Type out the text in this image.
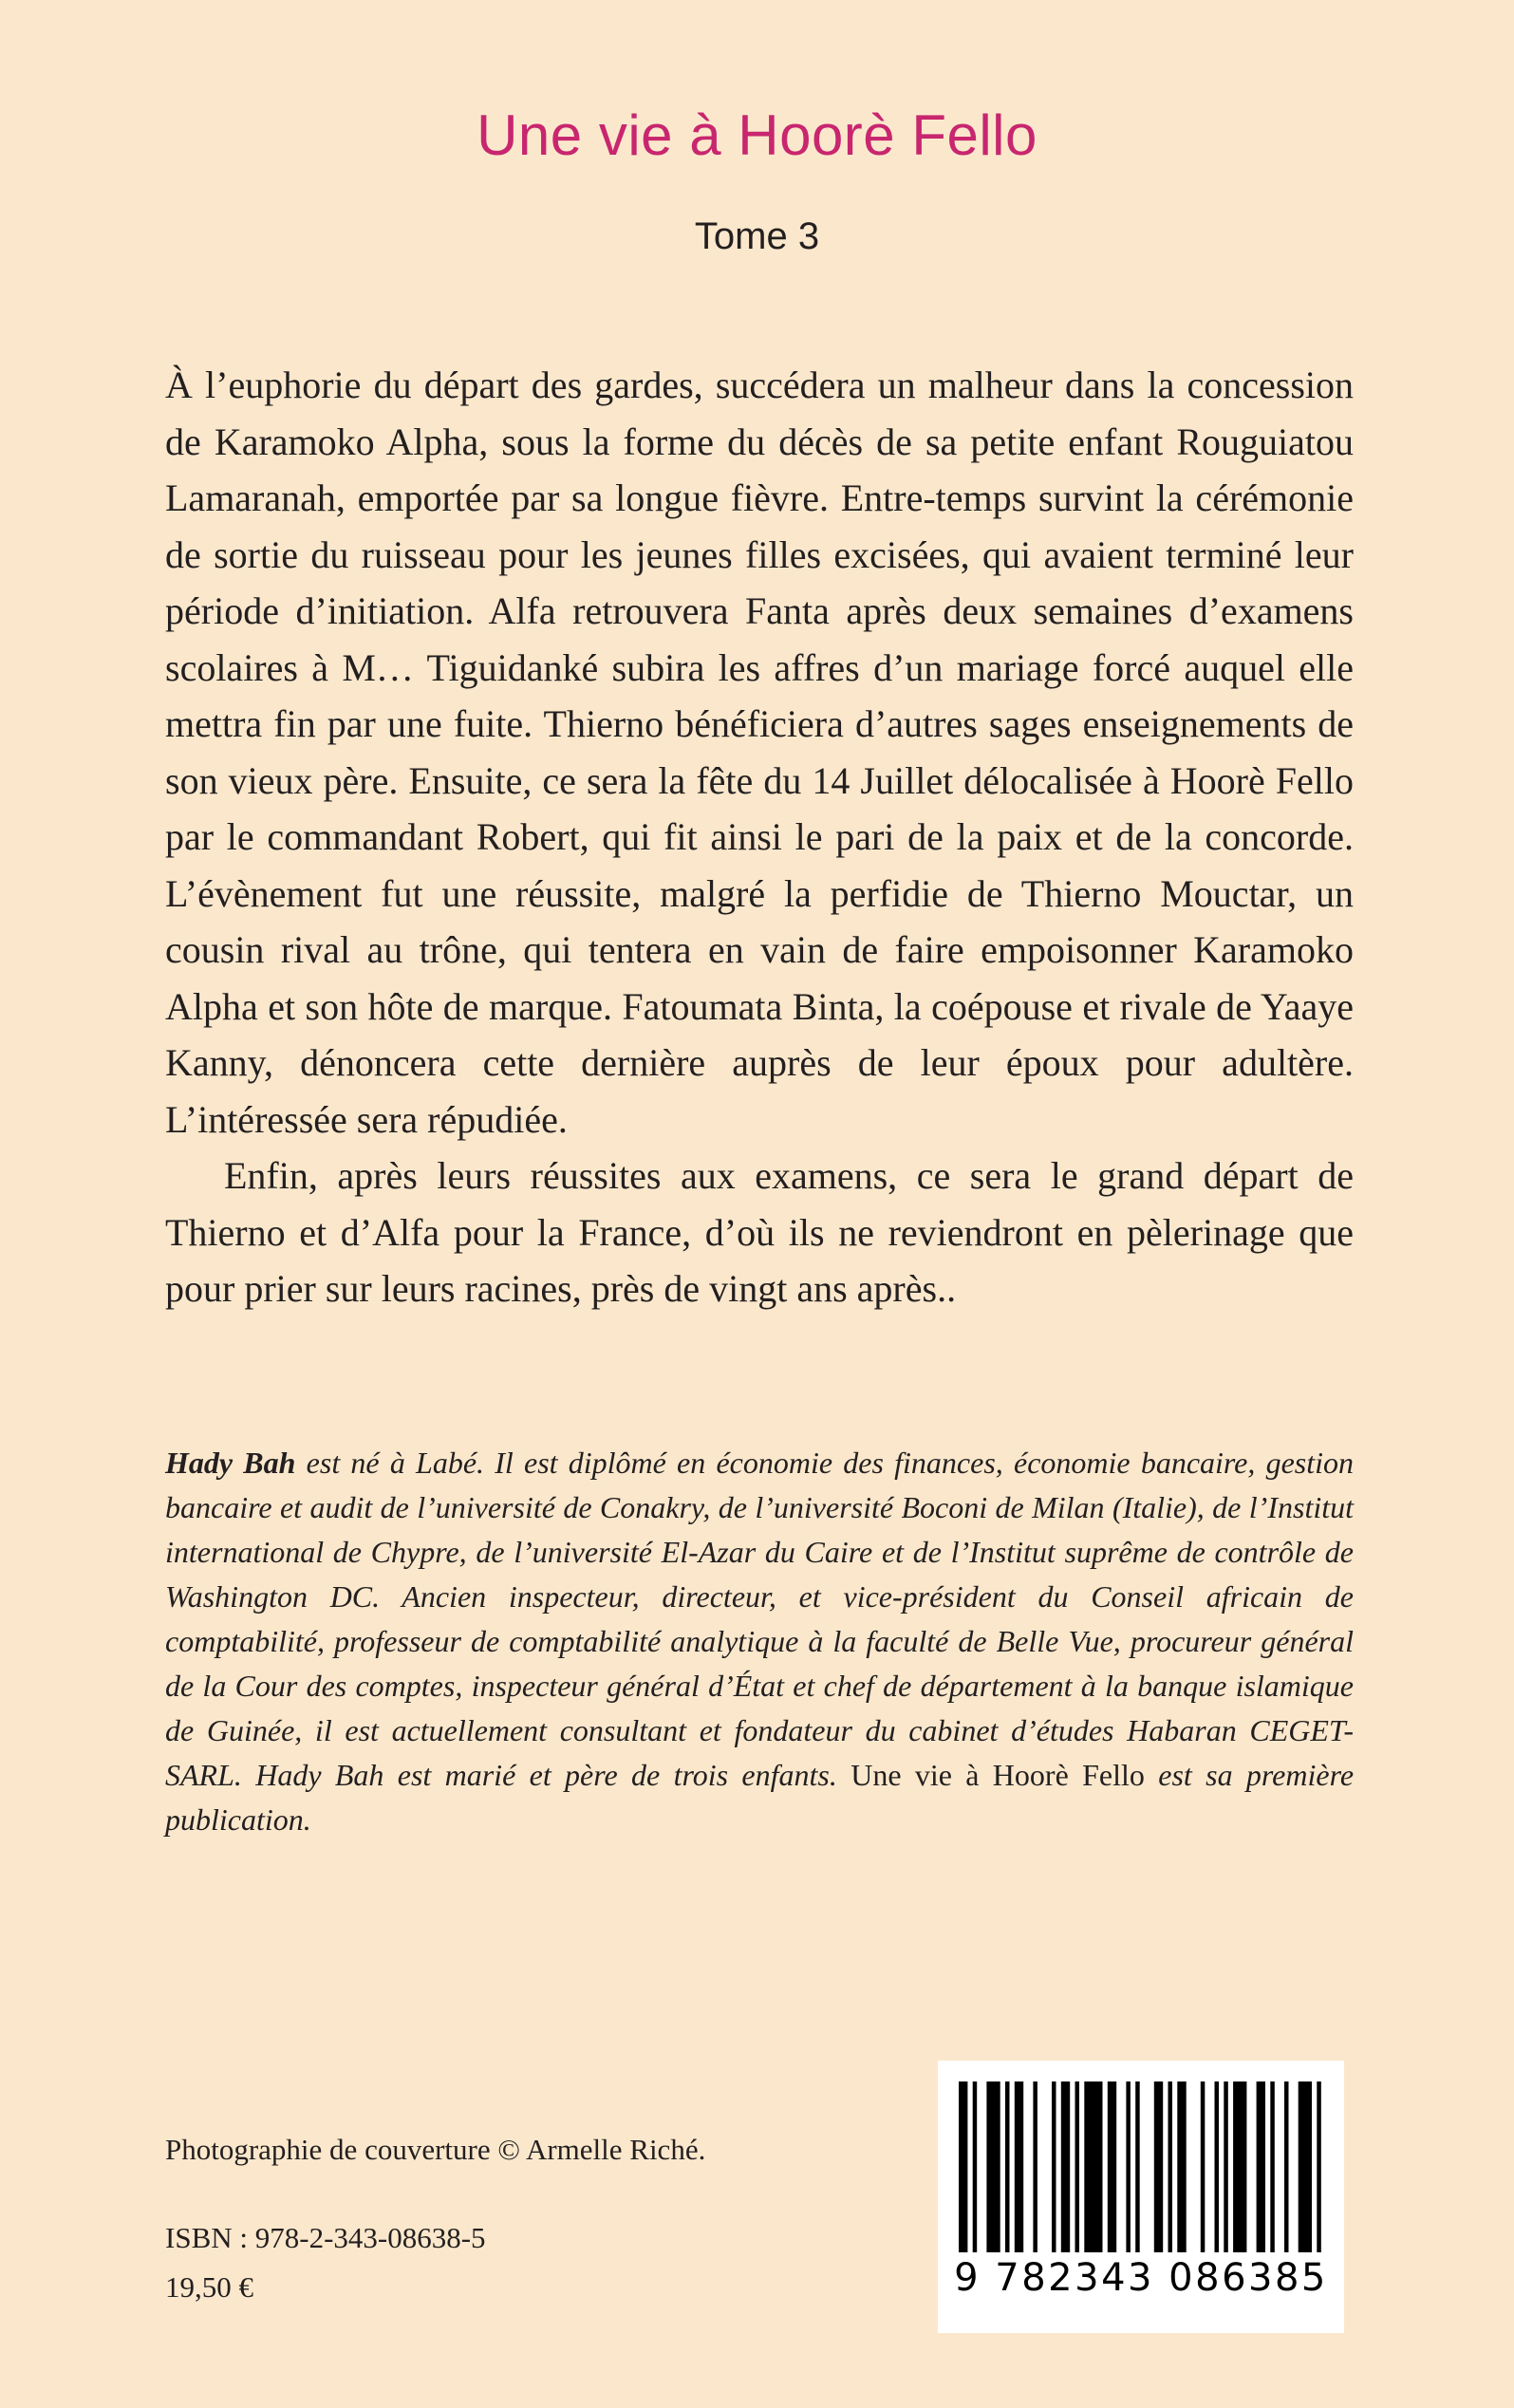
Une vie à Hoorè Fello
Tome 3

À l’euphorie du départ des gardes, succédera un malheur dans la concession de Karamoko Alpha, sous la forme du décès de sa petite enfant Rouguiatou Lamaranah, emportée par sa longue fièvre. Entre-temps survint la cérémonie de sortie du ruisseau pour les jeunes filles excisées, qui avaient terminé leur période d’initiation. Alfa retrouvera Fanta après deux semaines d’examens scolaires à M… Tiguidanké subira les affres d’un mariage forcé auquel elle mettra fin par une fuite. Thierno bénéficiera d’autres sages enseignements de son vieux père. Ensuite, ce sera la fête du 14 Juillet délocalisée à Hoorè Fello par le commandant Robert, qui fit ainsi le pari de la paix et de la concorde. L’évènement fut une réussite, malgré la perfidie de Thierno Mouctar, un cousin rival au trône, qui tentera en vain de faire empoisonner Karamoko Alpha et son hôte de marque. Fatoumata Binta, la coépouse et rivale de Yaaye Kanny, dénoncera cette dernière auprès de leur époux pour adultère. L’intéressée sera répudiée.

Enfin, après leurs réussites aux examens, ce sera le grand départ de Thierno et d’Alfa pour la France, d’où ils ne reviendront en pèlerinage que pour prier sur leurs racines, près de vingt ans après..

Hady Bah est né à Labé. Il est diplômé en économie des finances, économie bancaire, gestion bancaire et audit de l’université de Conakry, de l’université Boconi de Milan (Italie), de l’Institut international de Chypre, de l’université El-Azar du Caire et de l’Institut suprême de contrôle de Washington DC. Ancien inspecteur, directeur, et vice-président du Conseil africain de comptabilité, professeur de comptabilité analytique à la faculté de Belle Vue, procureur général de la Cour des comptes, inspecteur général d’État et chef de département à la banque islamique de Guinée, il est actuellement consultant et fondateur du cabinet d’études Habaran CEGET-SARL. Hady Bah est marié et père de trois enfants. Une vie à Hoorè Fello est sa première publication.

Photographie de couverture © Armelle Riché.
ISBN : 978-2-343-08638-5
19,50 €	9 782343 086385
